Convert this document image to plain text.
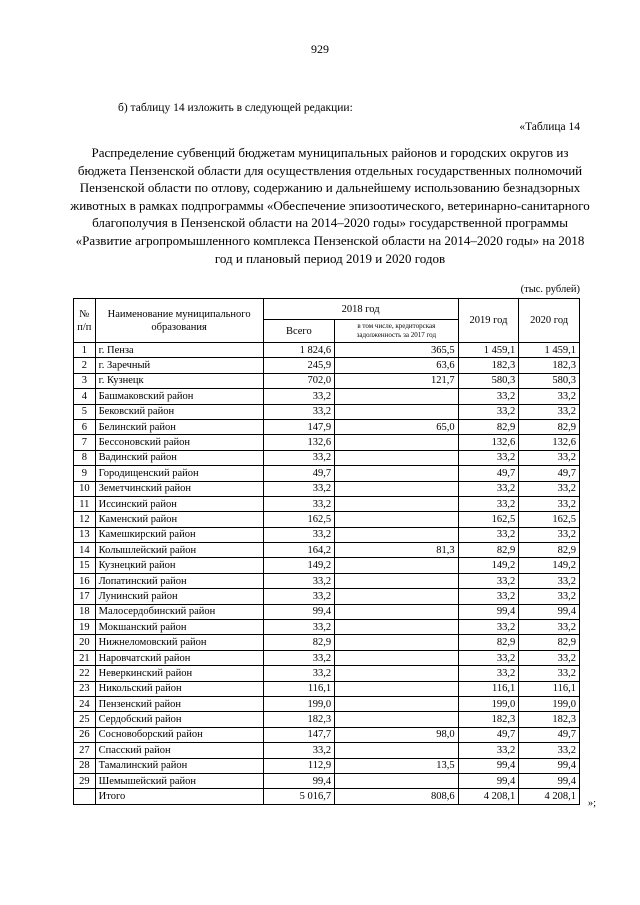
929
б) таблицу 14 изложить в следующей редакции:
«Таблица 14
Распределение субвенций бюджетам муниципальных районов и городских округов из бюджета Пензенской области для осуществления отдельных государственных полномочий Пензенской области по отлову, содержанию и дальнейшему использованию безнадзорных животных в рамках подпрограммы «Обеспечение эпизоотического, ветеринарно-санитарного благополучия в Пензенской области на 2014–2020 годы» государственной программы «Развитие агропромышленного комплекса Пензенской области на 2014–2020 годы» на 2018 год и плановый период 2019 и 2020 годов
(тыс. рублей)
№ п/п	Наименование муниципального образования	2018 год		2019 год	2020 год
		Всего	в том числе, кредиторская задолженность за 2017 год		
1	г. Пенза	1 824,6	365,5	1 459,1	1 459,1
2	г. Заречный	245,9	63,6	182,3	182,3
3	г. Кузнецк	702,0	121,7	580,3	580,3
4	Башмаковский район	33,2		33,2	33,2
5	Бековский район	33,2		33,2	33,2
6	Белинский район	147,9	65,0	82,9	82,9
7	Бессоновский район	132,6		132,6	132,6
8	Вадинский район	33,2		33,2	33,2
9	Городищенский район	49,7		49,7	49,7
10	Земетчинский район	33,2		33,2	33,2
11	Иссинский район	33,2		33,2	33,2
12	Каменский район	162,5		162,5	162,5
13	Камешкирский район	33,2		33,2	33,2
14	Колышлейский район	164,2	81,3	82,9	82,9
15	Кузнецкий район	149,2		149,2	149,2
16	Лопатинский район	33,2		33,2	33,2
17	Лунинский район	33,2		33,2	33,2
18	Малосердобинский район	99,4		99,4	99,4
19	Мокшанский район	33,2		33,2	33,2
20	Нижнеломовский район	82,9		82,9	82,9
21	Наровчатский район	33,2		33,2	33,2
22	Неверкинский район	33,2		33,2	33,2
23	Никольский район	116,1		116,1	116,1
24	Пензенский район	199,0		199,0	199,0
25	Сердобский район	182,3		182,3	182,3
26	Сосновоборский район	147,7	98,0	49,7	49,7
27	Спасский район	33,2		33,2	33,2
28	Тамалинский район	112,9	13,5	99,4	99,4
29	Шемышейский район	99,4		99,4	99,4
	Итого	5 016,7	808,6	4 208,1	4 208,1
»;
